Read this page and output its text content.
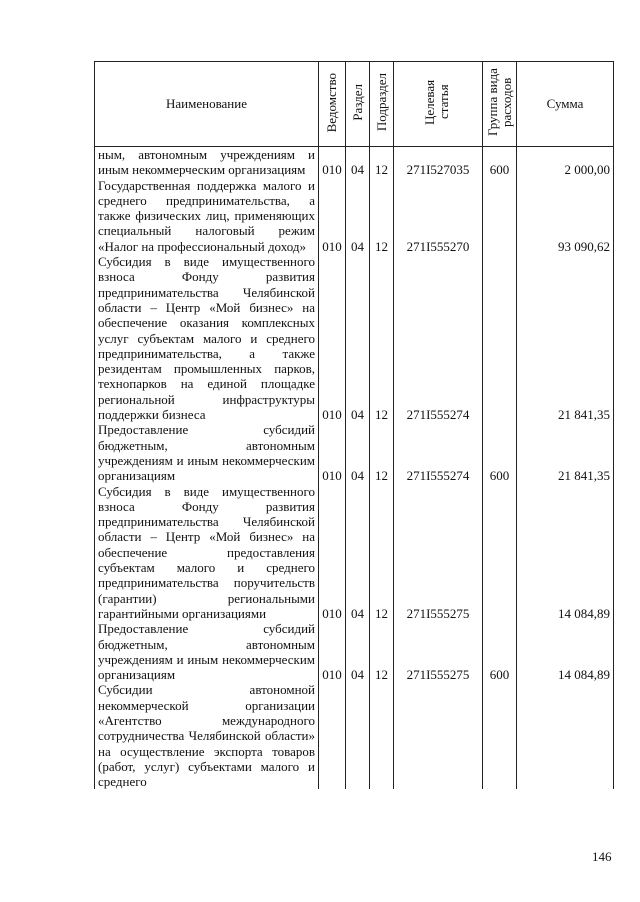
Наименование	Ведомство	Раздел	Подраздел	Целевая статья	Группа вида расходов	Сумма
ным, автономным учреждениям и иным некоммерческим организациям	010	04	12	271I527035	600	2 000,00
Государственная поддержка малого и среднего предпринимательства, а также физических лиц, применяющих специальный налоговый режим «Налог на профессиональный доход»	010	04	12	271I555270		93 090,62
Субсидия в виде имущественного взноса Фонду развития предпринимательства Челябинской области – Центр «Мой бизнес» на обеспечение оказания комплексных услуг субъектам малого и среднего предпринимательства, а также резидентам промышленных парков, технопарков на единой площадке региональной инфраструктуры поддержки бизнеса	010	04	12	271I555274		21 841,35
Предоставление субсидий бюджетным, автономным учреждениям и иным некоммерческим организациям	010	04	12	271I555274	600	21 841,35
Субсидия в виде имущественного взноса Фонду развития предпринимательства Челябинской области – Центр «Мой бизнес» на обеспечение предоставления субъектам малого и среднего предпринимательства поручительств (гарантии) региональными гарантийными организациями	010	04	12	271I555275		14 084,89
Предоставление субсидий бюджетным, автономным учреждениям и иным некоммерческим организациям	010	04	12	271I555275	600	14 084,89
Субсидии автономной некоммерческой организации «Агентство международного сотрудничества Челябинской области» на осуществление экспорта товаров (работ, услуг) субъектами малого и среднего						
146
